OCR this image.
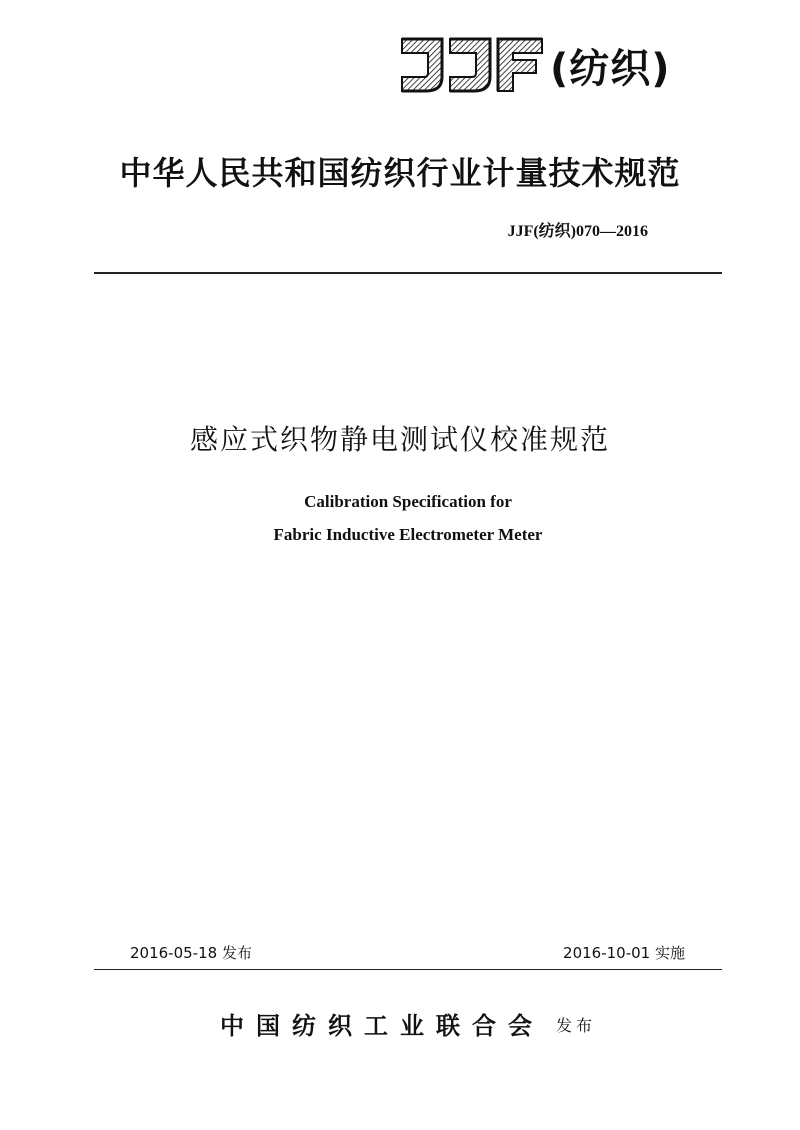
(纺织)
中华人民共和国纺织行业计量技术规范
JJF(纺织)070—2016
感应式织物静电测试仪校准规范
Calibration Specification for
Fabric Inductive Electrometer Meter
2016-05-18 发布	2016-10-01 实施
中国纺织工业联合会 发布
